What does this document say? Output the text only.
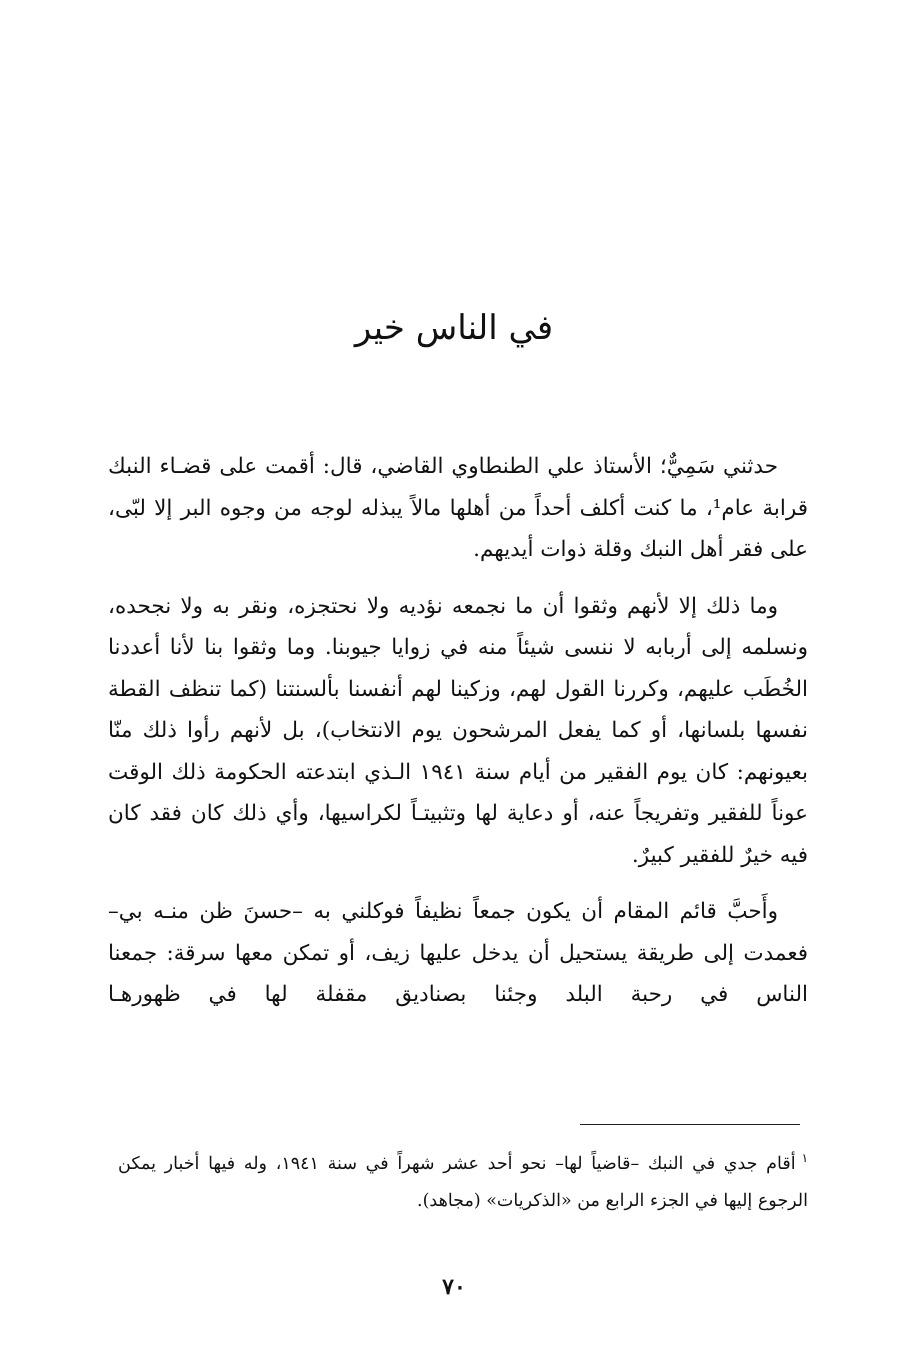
في الناس خير

حدثني سَمِيٌّ؛ الأستاذ علي الطنطاوي القاضي، قال: أقمت على قضـاء النبك قرابة عام¹، ما كنت أكلف أحداً من أهلها مالاً يبذله لوجه من وجوه البر إلا لبّى، على فقر أهل النبك وقلة ذوات أيديهم.

وما ذلك إلا لأنهم وثقوا أن ما نجمعه نؤديه ولا نحتجزه، ونقر به ولا نجحده، ونسلمه إلى أربابه لا ننسى شيئاً منه في زوايا جيوبنا. وما وثقوا بنا لأنا أعددنا الخُطَب عليهم، وكررنا القول لهم، وزكينا لهم أنفسنا بألسنتنا (كما تنظف القطة نفسها بلسانها، أو كما يفعل المرشحون يوم الانتخاب)، بل لأنهم رأوا ذلك منّا بعيونهم: كان يوم الفقير من أيام سنة ١٩٤١ الـذي ابتدعته الحكومة ذلك الوقت عوناً للفقير وتفريجاً عنه، أو دعاية لها وتثبيتـاً لكراسيها، وأي ذلك كان فقد كان فيه خيرٌ للفقير كبيرٌ.

وأَحبَّ قائم المقام أن يكون جمعاً نظيفاً فوكلني به –حسنَ ظن منـه بي– فعمدت إلى طريقة يستحيل أن يدخل عليها زيف، أو تمكن معها سرقة: جمعنا الناس في رحبة البلد وجئنا بصناديق مقفلة لها في ظهورهـا

$^١$أقام جدي في النبك –قاضياً لها– نحو أحد عشر شهراً في سنة ١٩٤١، وله فيها أخبار يمكن الرجوع إليها في الجزء الرابع من «الذكريات» (مجاهد).

٧٠
